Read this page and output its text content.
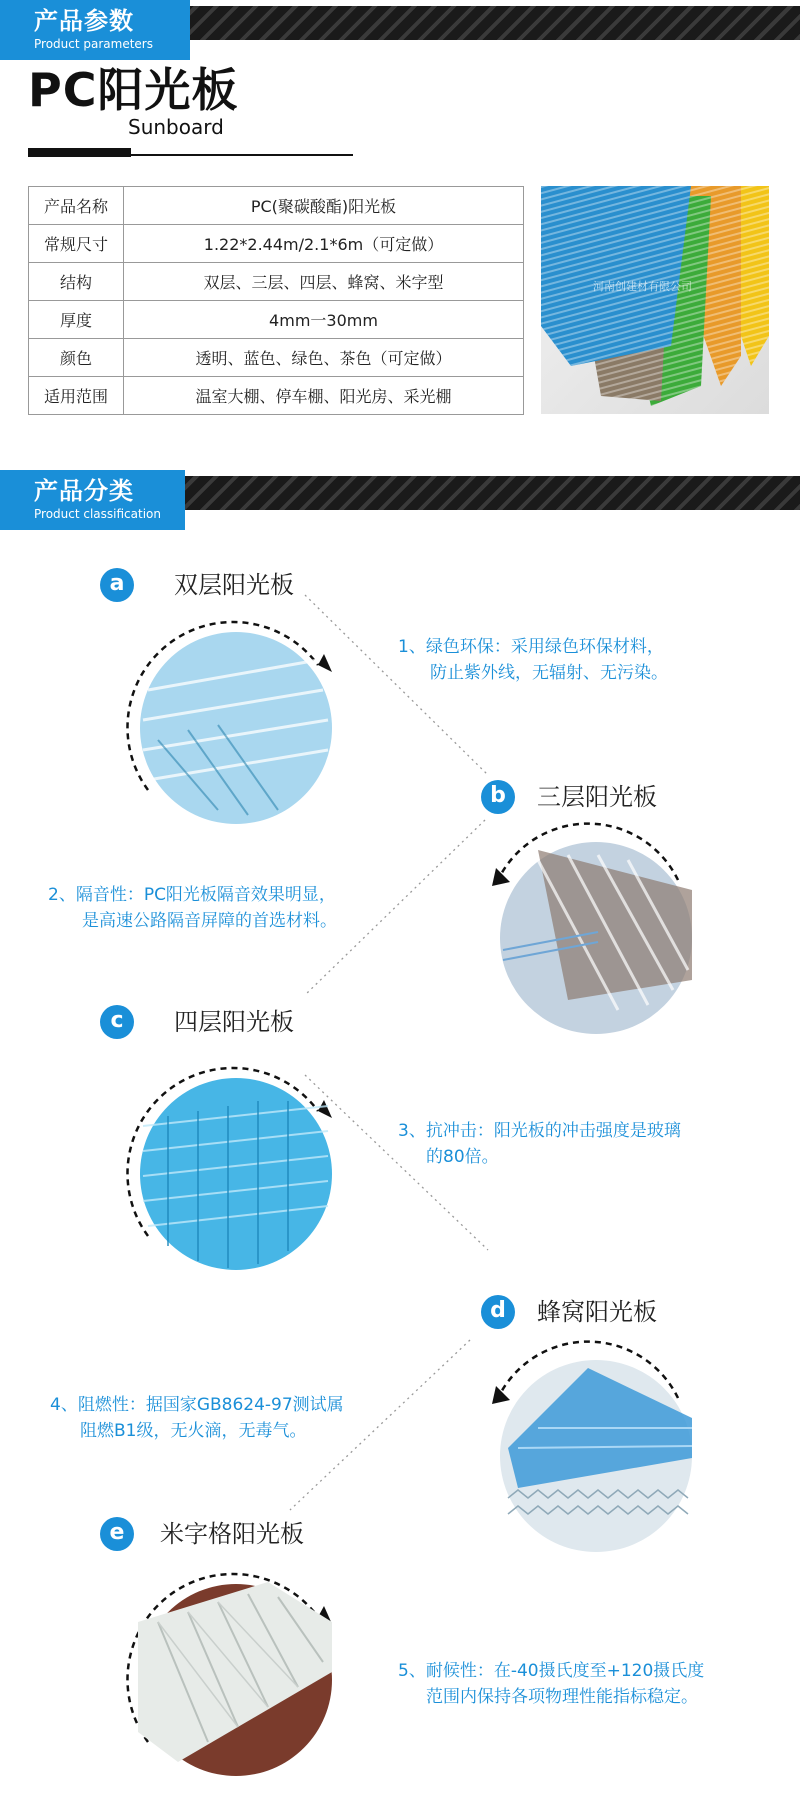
产品参数
Product parameters
PC阳光板
Sunboard
产品名称	PC(聚碳酸酯)阳光板
常规尺寸	1.22*2.44m/2.1*6m（可定做）
结构	双层、三层、四层、蜂窝、米字型
厚度	4mm一30mm
颜色	透明、蓝色、绿色、茶色（可定做）
适用范围	温室大棚、停车棚、阳光房、采光棚
河南创建材有限公司
产品分类
Product classification
a	双层阳光板
1、绿色环保：采用绿色环保材料，
防止紫外线，无辐射、无污染。
b	三层阳光板
2、隔音性：PC阳光板隔音效果明显，
是高速公路隔音屏障的首选材料。
c	四层阳光板
3、抗冲击：阳光板的冲击强度是玻璃
的80倍。
d	蜂窝阳光板
4、阻燃性：据国家GB8624-97测试属
阻燃B1级，无火滴，无毒气。
e	米字格阳光板
5、耐候性：在-40摄氏度至+120摄氏度
范围内保持各项物理性能指标稳定。
